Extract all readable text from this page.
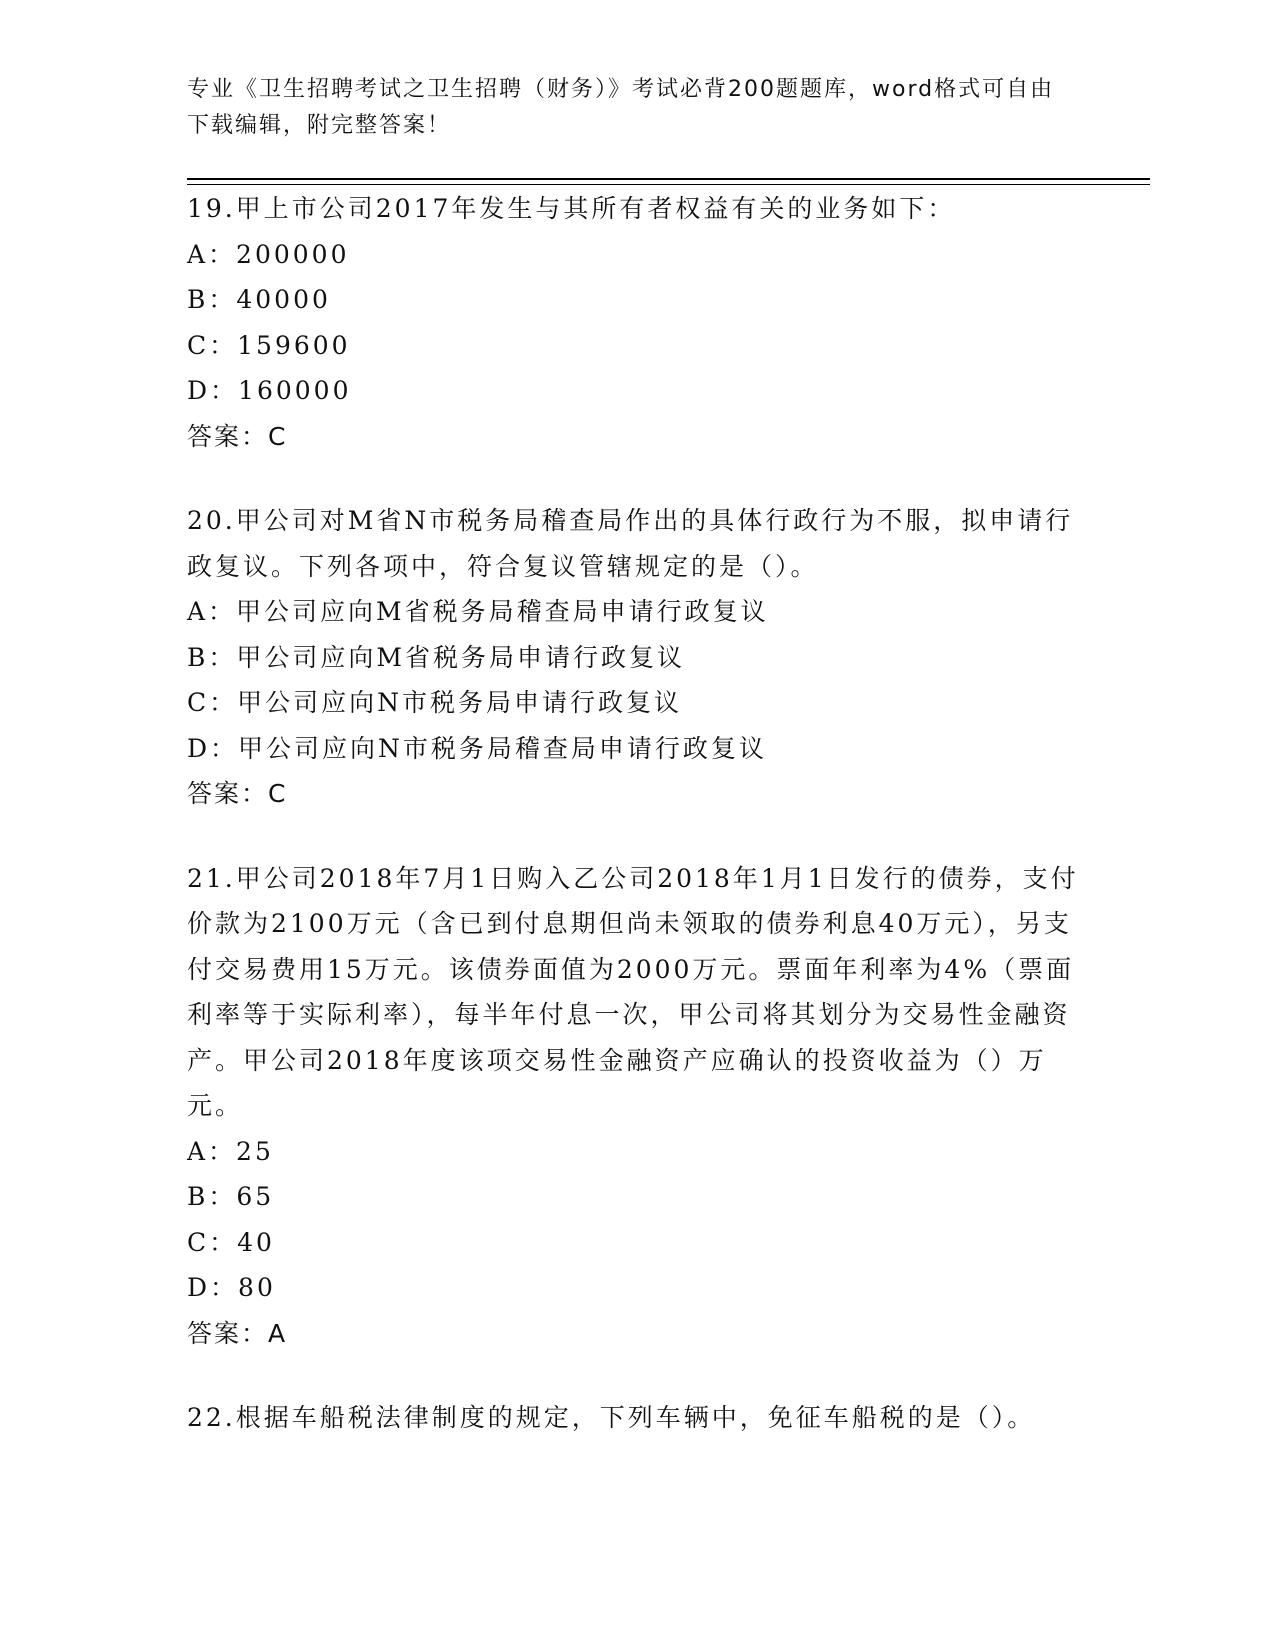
专业《卫生招聘考试之卫生招聘（财务）》考试必背200题题库，word格式可自由下载编辑，附完整答案！

19.甲上市公司2017年发生与其所有者权益有关的业务如下：

A：200000

B：40000

C：159600

D：160000

答案：C

20.甲公司对M省N市税务局稽查局作出的具体行政行为不服，拟申请行政复议。下列各项中，符合复议管辖规定的是（）。

A：甲公司应向M省税务局稽查局申请行政复议

B：甲公司应向M省税务局申请行政复议

C：甲公司应向N市税务局申请行政复议

D：甲公司应向N市税务局稽查局申请行政复议

答案：C

21.甲公司2018年7月1日购入乙公司2018年1月1日发行的债券，支付价款为2100万元（含已到付息期但尚未领取的债券利息40万元），另支付交易费用15万元。该债券面值为2000万元。票面年利率为4%（票面利率等于实际利率），每半年付息一次，甲公司将其划分为交易性金融资产。甲公司2018年度该项交易性金融资产应确认的投资收益为（）万元。

A：25

B：65

C：40

D：80

答案：A

22.根据车船税法律制度的规定，下列车辆中，免征车船税的是（）。
